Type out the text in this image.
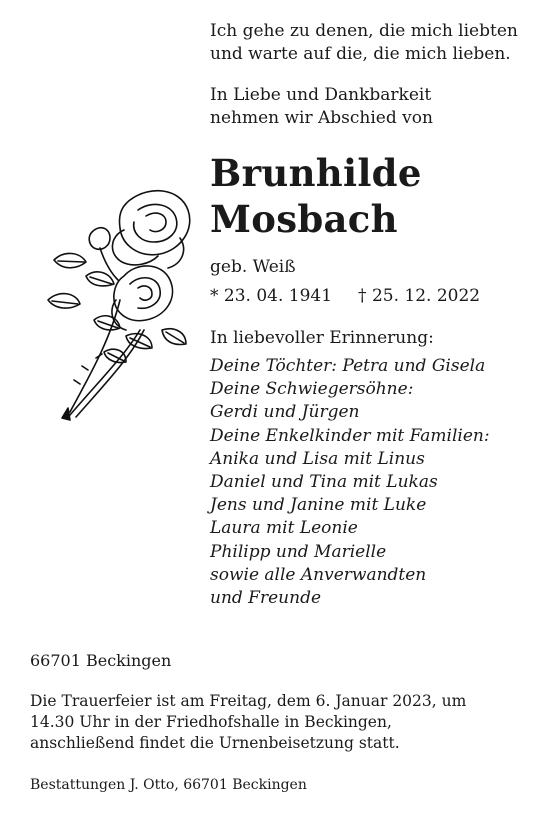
Ich gehe zu denen, die mich liebten
und warte auf die, die mich lieben.
In Liebe und Dankbarkeit
nehmen wir Abschied von
Brunhilde
Mosbach
geb. Weiß
* 23. 04. 1941 † 25. 12. 2022
In liebevoller Erinnerung:
Deine Töchter: Petra und Gisela
Deine Schwiegersöhne:
Gerdi und Jürgen
Deine Enkelkinder mit Familien:
Anika und Lisa mit Linus
Daniel und Tina mit Lukas
Jens und Janine mit Luke
Laura mit Leonie
Philipp und Marielle
sowie alle Anverwandten
und Freunde
66701 Beckingen
Die Trauerfeier ist am Freitag, dem 6. Januar 2023, um
14.30 Uhr in der Friedhofshalle in Beckingen,
anschließend findet die Urnenbeisetzung statt.
Bestattungen J. Otto, 66701 Beckingen
